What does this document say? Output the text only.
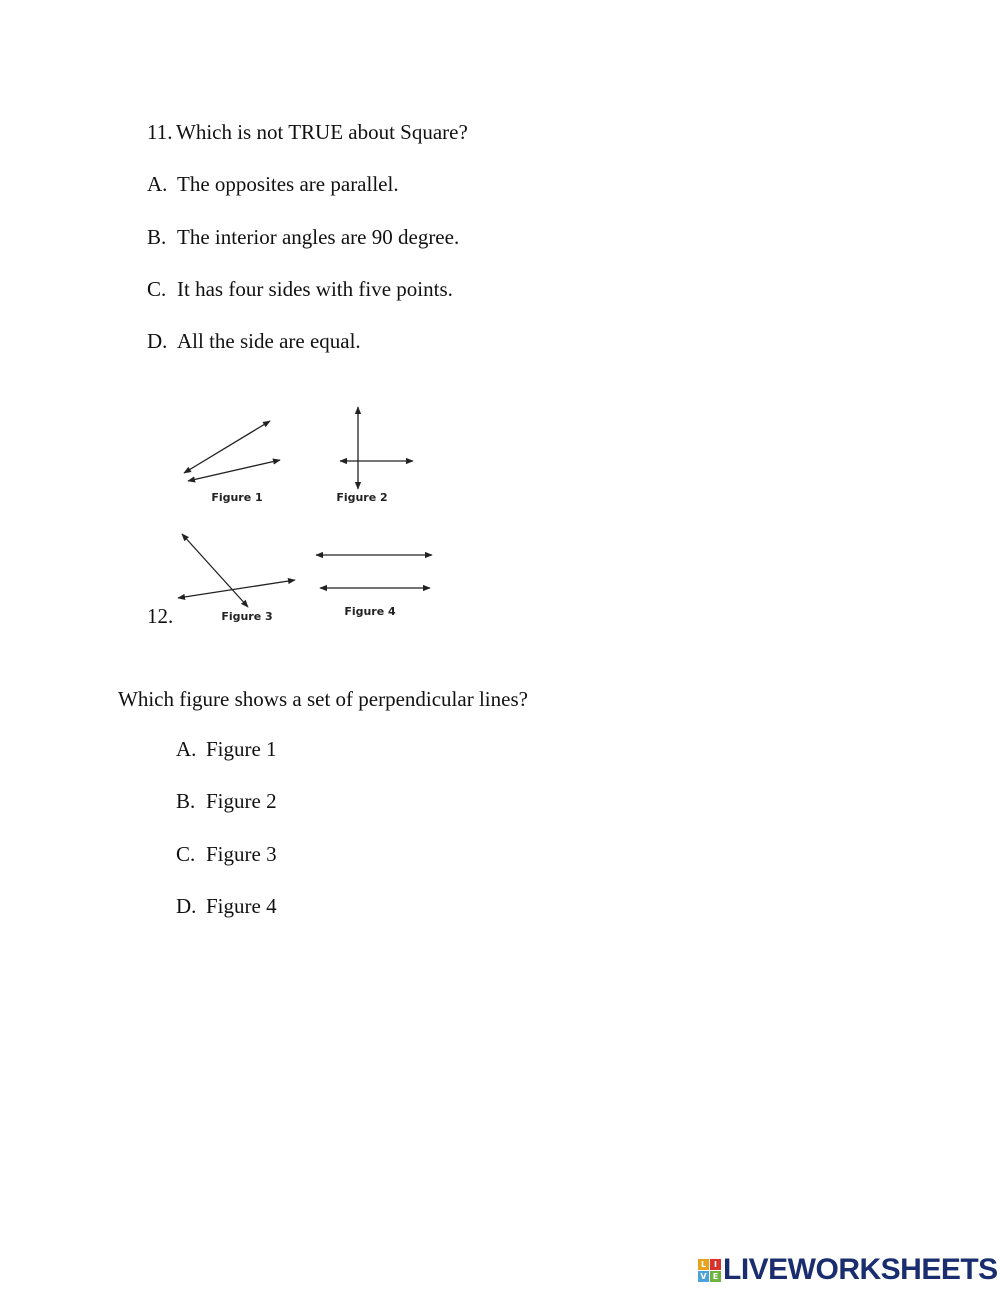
11. Which is not TRUE about Square?
A. The opposites are parallel.
B. The interior angles are 90 degree.
C. It has four sides with five points.
D. All the side are equal.
Figure 1	Figure 2
Figure 3	Figure 4
12.
Which figure shows a set of perpendicular lines?
A. Figure 1
B. Figure 2
C. Figure 3
D. Figure 4
L I
V E LIVEWORKSHEETS
